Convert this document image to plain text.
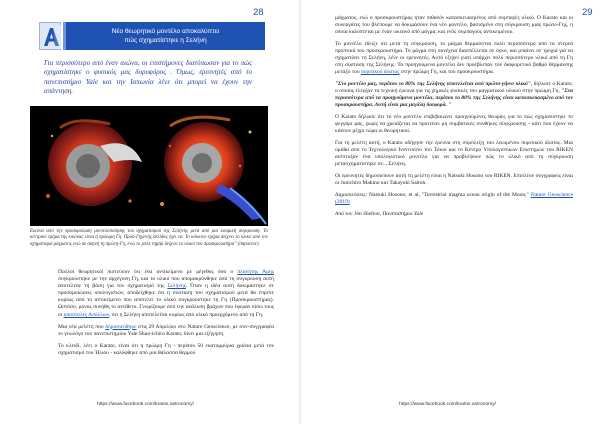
28
Νέο θεωρητικό μοντέλο αποκαλύπτει
πώς σχηματίστηκε η Σελήνη
Για περισσότερο από έναν αιώνα, οι επιστήμονες διατύπωσαν για το πώς σχηματίστηκε ο φυσικός μας δορυφόρος . Όμως, ερευνητές από το πανεπιστήμιο Yale και την Ιαπωνία λένε ότι μπορεί να έχουν την απάντηση.
Εικόνα από την προσομοίωση μοντελοποίησης του σχηματισμού της Σελήνης μετά από μια κοσμική σύγκρουση. Το κεντρικό τμήμα της εικόνας είναι η πρόωρη Γη. Πρόσ-Γηγενής σελίδας έχει να. Το κόκκινο τμήμα δείχνει το υλικό από τον σχηματισμό μάγματος ενώ σε σκηνή τη πρώτη-Γη, ενώ το μπλε τημήα δείχνει το υλικό του προσκρουστήρα" (impactor).
Πολλοί θεωρητικοί πιστεύουν ότι ένα αντικείμενο με μέγεθος όσο ο πλανήτης Άρης συγκρούστηκε με την αρχέγονη Γη, και το υλικό που απομακρύνθηκε από τη σύγκρουση αυτή αποτέλεσε τη βάση για τον σχηματισμό της Σελήνης. Όταν η ιδέα αυτή δοκιμάστηκε σε προσομοιώσεις υπολογιστών, αποδείχθηκε ότι η σύσταση του σχηματισμού μετά θα έπρεπε κυρίως από το αντικείμενο που αποτελεί το υλικό συγκρούστηκε τη Γη (Προσκρουστήρας). Ωστόσο, μόνος συνήθη το αντίθετο. Γνωρίζουμε από την ανάλυση βράχων που έφεραν πίσω τους οι αποστολές Απόλλων, ότι η Σελήνη αποτελείται κυρίως από υλικό προερχόμενο από τη Γη.
Μια νέα μελέτη που δημοσιεύθηκε στις 29 Απριλίου στο Nature Geoscience, με συν-συγγραφέα το γεωλόγο του πανεπιστημίου Yale Shun-ichiro Karato, δίνει μια εξήγηση.
Το κλειδί, λέει ο Karato, είναι ότι η πρώιμη Γη - περίπου 50 εκατομμύρια χρόνια μετά τον σχηματισμό του Ήλιου - καλύφθηκε από μια θάλασσα θερμού
https://www.facebook.com/kratos.astronomy/
29
μάγματος, ενώ ο προσκρουστήρας ήταν πιθανόν κατασκευασμένος από συμπαγές υλικό. Ο Karato και οι συνεργάτες του βλέπουμε να δοκιμάσουν ένα νέο μοντέλο, βασισμένο στη σύγκρουση μιας πρώτο-Γης, η οποία καλύπτεται με έναν ωκεανό από μάγμα, και ενός συμπαγούς αντικειμένου.
Το μοντέλο έδειξε ότι μετά τη σύγκρουση, το μάγμα θερμαίνεται πολύ περισσότερο από τα στερεά προπτικά του προσκρουστήρα. Το μάγμα στη συνέχεια διαστέλλεται σε όγκο, και μπαίνει σε τροχιά για να σχηματίσει τη Σελήνη, λένε οι ερευνητές. Αυτό εξηγεί γιατί υπάρχει πολύ περισσότερο υλικό από τη Γη στη σύσταση της Σελήνης. Τα προηγούμενα μοντέλα δεν προέβλεπαν τον διαφορετικό βαθμό θέρμανσης μεταξύ του πυριτικού άλατος στην πρώιμη Γη, και του προσκρουστήρα.
"Στο μοντέλο μας, περίπου το 80% της Σελήνης αποτελείται από πρώτο-γήινο υλικό", δήλωσε ο Karato, ο οποίος έλεγξαν τα τεχνική έρευνα για τις χημικές φυσικές του μαγματικού υλικού στην πρώιμη Γη. "Στα περισσότερα από τα προηγούμενα μοντέλα, περίπου το 80% της Σελήνης είναι κατασκευασμένο από τον προσκρουστήρα. Αυτή είναι μια μεγάλη διαφορά. "
Ο Karato δήλωσε ότι το νέο μοντέλο επιβεβαιώνει προηγούμενες θεωρίες για το πώς σχηματίστηκε το φεγγάρι μας, χωρίς να χρειάζεται να προτείνει μη συμβατικές συνθήκες σύγκρουσης - κάτι που έχουν να κάνουν μέχρι τώρα οι θεωρητικοί.
Για τη μελέτη αυτή, ο Karato οδήγησε την έρευνα στη σύμπλεξη του λειωμένου πυριτικού άλατος. Μια ομάδα από το Τεχνολογικό Ινστιτούτο του Τόκιο και το Κέντρο Υπολογιστικών Επιστημών του RIKEN ανέπτυξαν ένα υπολογιστικό μοντέλο για να προβλέψουν πώς το υλικό από τη σύγκρουση μετασχηματίστηκε σε... Σελήνη.
Οι ερευνητές δημοσιεύουν αυτή τη μελέτη είναι η Natsuki Hosono του RIKEN. Επιπλέον συγγραφείς είναι οι Junichiro Makino και Takayuki Saitoh.
Δημοσιεύσεις: Natsuki Hosono, et al, "Terrestrial magma ocean origin of the Moon," Nature Geoscience (2019)
Από τον Jim Shelton, Πανεπιστήμιο Yale
https://www.facebook.com/kratos.astronomy/
